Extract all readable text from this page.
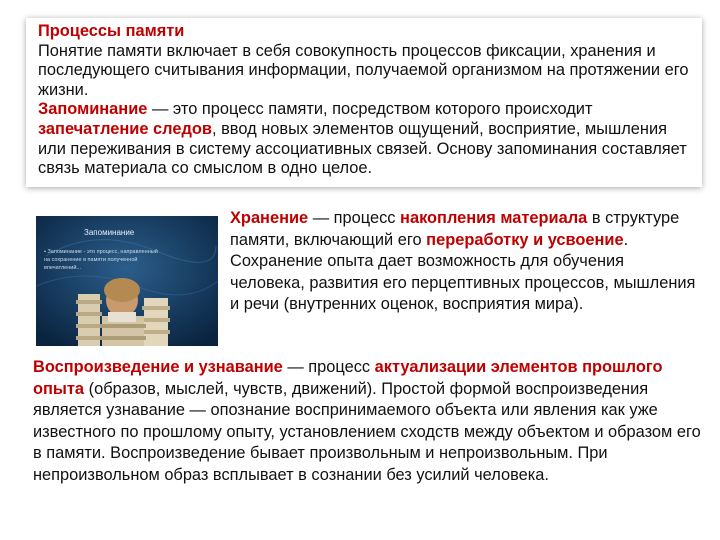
Процессы памяти

Понятие памяти включает в себя совокупность процессов фиксации, хранения и последующего считывания информации, получаемой организмом на протяжении его жизни.

Запоминание — это процесс памяти, посредством которого происходит запечатление следов, ввод новых элементов ощущений, восприятие, мышления или переживания в систему ассоциативных связей. Основу запоминания составляет связь материала со смыслом в одно целое.

Запоминание
• Запоминание - это процесс, направленный
на сохранение в памяти полученной
впечатлений...
Хранение — процесс накопления материала в структуре памяти, включающий его переработку и усвоение. Сохранение опыта дает возможность для обучения человека, развития его перцептивных процессов, мышления и речи (внутренних оценок, восприятия мира).
Воспроизведение и узнавание — процесс актуализации элементов прошлого опыта (образов, мыслей, чувств, движений). Простой формой воспроизведения является узнавание — опознание воспринимаемого объекта или явления как уже известного по прошлому опыту, установлением сходств между объектом и образом его в памяти. Воспроизведение бывает произвольным и непроизвольным. При непроизвольном образ всплывает в сознании без усилий человека.
